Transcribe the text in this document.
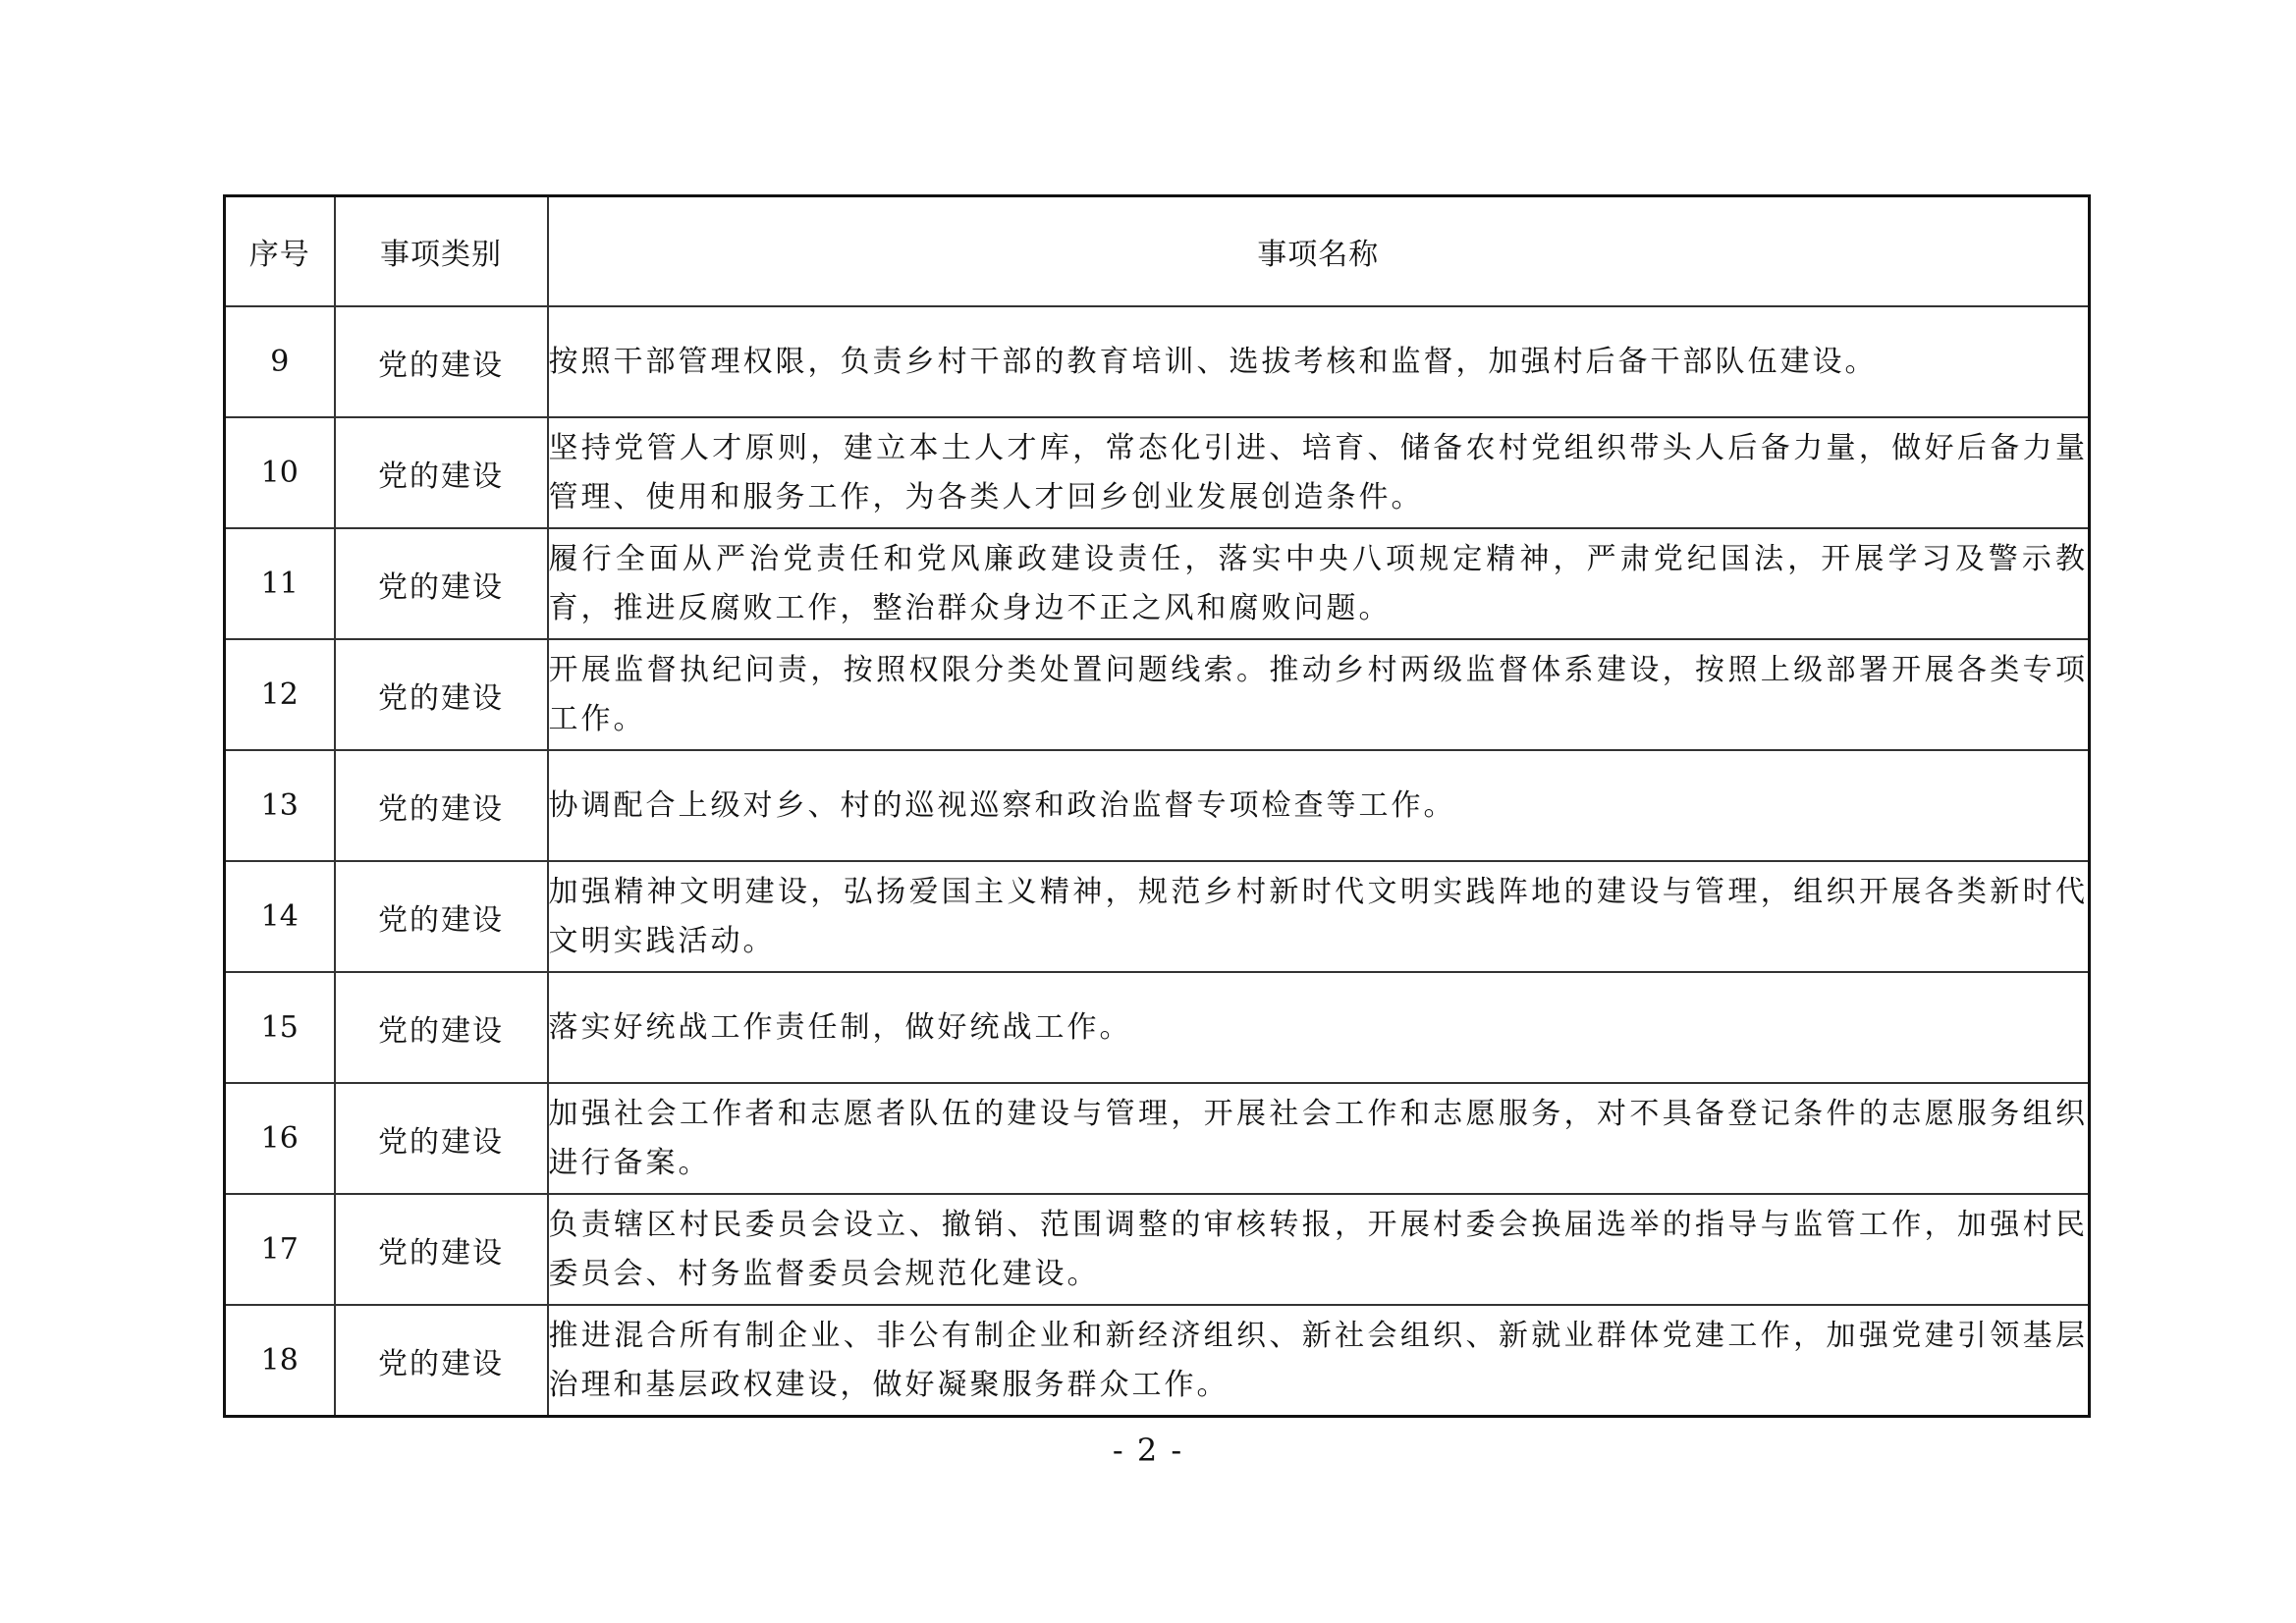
序号	事项类别	事项名称
9	党的建设	按照干部管理权限，负责乡村干部的教育培训、选拔考核和监督，加强村后备干部队伍建设。
10	党的建设	坚持党管人才原则，建立本土人才库，常态化引进、培育、储备农村党组织带头人后备力量，做好后备力量管理、使用和服务工作，为各类人才回乡创业发展创造条件。
11	党的建设	履行全面从严治党责任和党风廉政建设责任，落实中央八项规定精神，严肃党纪国法，开展学习及警示教育，推进反腐败工作，整治群众身边不正之风和腐败问题。
12	党的建设	开展监督执纪问责，按照权限分类处置问题线索。推动乡村两级监督体系建设，按照上级部署开展各类专项工作。
13	党的建设	协调配合上级对乡、村的巡视巡察和政治监督专项检查等工作。
14	党的建设	加强精神文明建设，弘扬爱国主义精神，规范乡村新时代文明实践阵地的建设与管理，组织开展各类新时代文明实践活动。
15	党的建设	落实好统战工作责任制，做好统战工作。
16	党的建设	加强社会工作者和志愿者队伍的建设与管理，开展社会工作和志愿服务，对不具备登记条件的志愿服务组织进行备案。
17	党的建设	负责辖区村民委员会设立、撤销、范围调整的审核转报，开展村委会换届选举的指导与监管工作，加强村民委员会、村务监督委员会规范化建设。
18	党的建设	推进混合所有制企业、非公有制企业和新经济组织、新社会组织、新就业群体党建工作，加强党建引领基层治理和基层政权建设，做好凝聚服务群众工作。
- 2 -
